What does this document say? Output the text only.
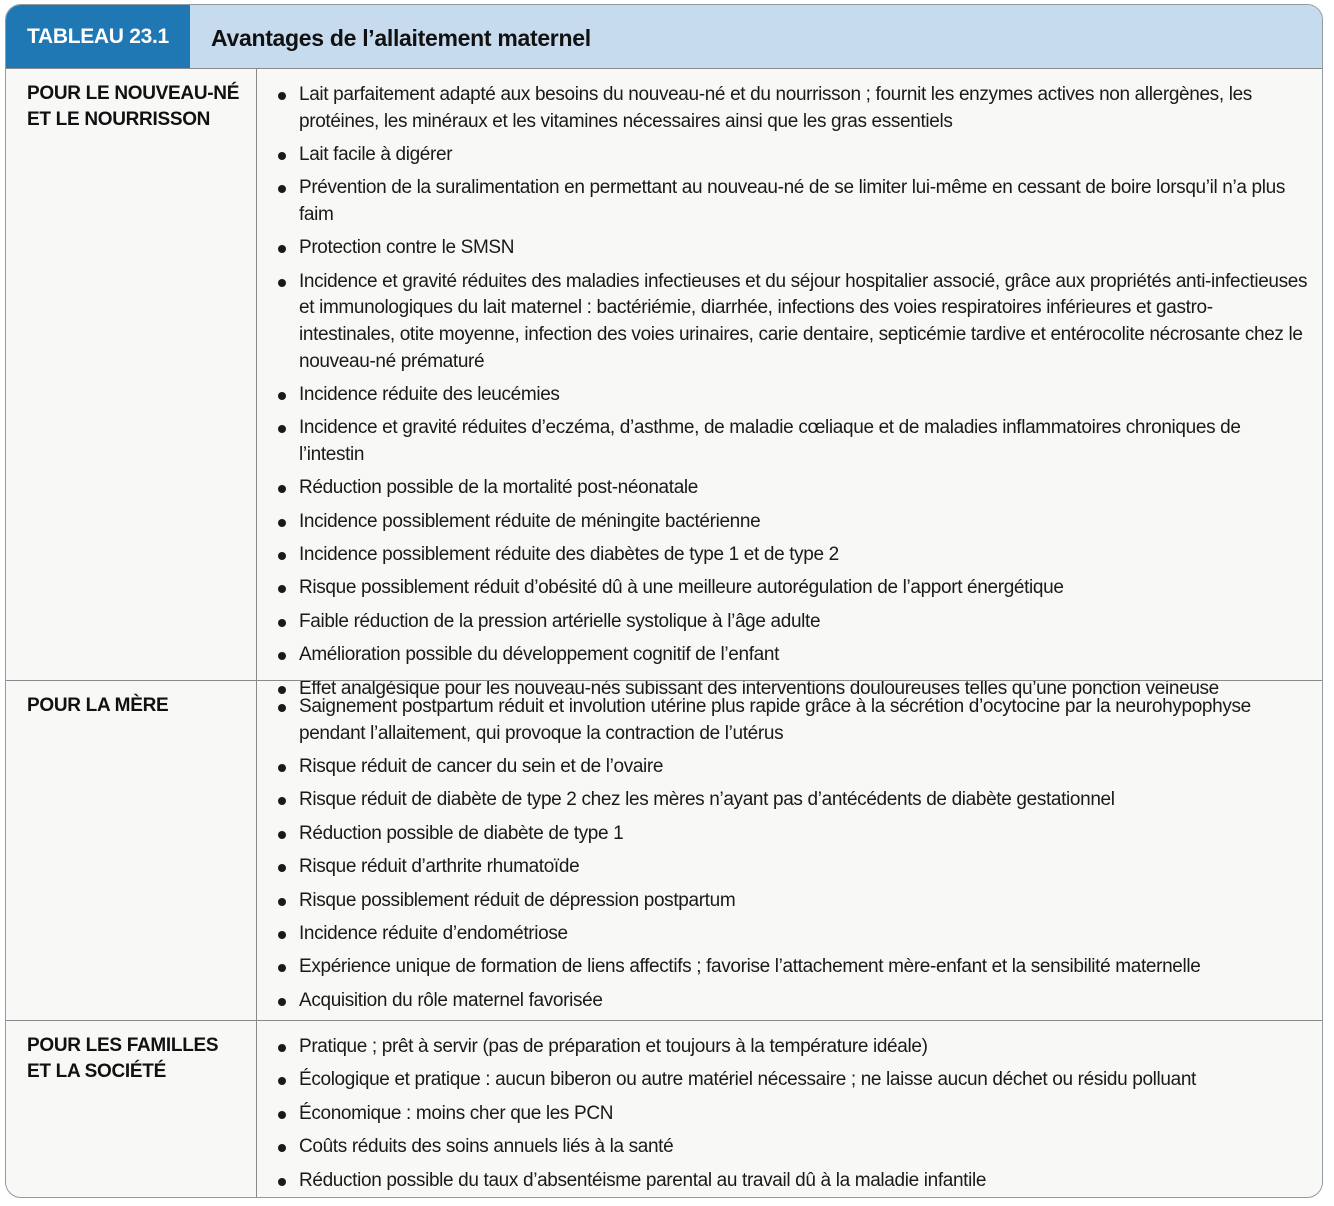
TABLEAU 23.1	Avantages de l’allaitement maternel
POUR LE NOUVEAU-NÉ
ET LE NOURRISSON
Lait parfaitement adapté aux besoins du nouveau-né et du nourrisson ; fournit les enzymes actives non allergènes, les protéines, les minéraux et les vitamines nécessaires ainsi que les gras essentiels
Lait facile à digérer
Prévention de la suralimentation en permettant au nouveau-né de se limiter lui-même en cessant de boire lorsqu’il n’a plus faim
Protection contre le SMSN
Incidence et gravité réduites des maladies infectieuses et du séjour hospitalier associé, grâce aux propriétés anti-infectieuses et immunologiques du lait maternel : bactériémie, diarrhée, infections des voies respiratoires inférieures et gastro-intestinales, otite moyenne, infection des voies urinaires, carie dentaire, septicémie tardive et entérocolite nécrosante chez le nouveau-né prématuré
Incidence réduite des leucémies
Incidence et gravité réduites d’eczéma, d’asthme, de maladie cœliaque et de maladies inflammatoires chroniques de l’intestin
Réduction possible de la mortalité post-néonatale
Incidence possiblement réduite de méningite bactérienne
Incidence possiblement réduite des diabètes de type 1 et de type 2
Risque possiblement réduit d’obésité dû à une meilleure autorégulation de l’apport énergétique
Faible réduction de la pression artérielle systolique à l’âge adulte
Amélioration possible du développement cognitif de l’enfant
Effet analgésique pour les nouveau-nés subissant des interventions douloureuses telles qu’une ponction veineuse
POUR LA MÈRE	Saignement postpartum réduit et involution utérine plus rapide grâce à la sécrétion d’ocytocine par la neurohypophyse pendant l’allaitement, qui provoque la contraction de l’utérus
Risque réduit de cancer du sein et de l’ovaire
Risque réduit de diabète de type 2 chez les mères n’ayant pas d’antécédents de diabète gestationnel
Réduction possible de diabète de type 1
Risque réduit d’arthrite rhumatoïde
Risque possiblement réduit de dépression postpartum
Incidence réduite d’endométriose
Expérience unique de formation de liens affectifs ; favorise l’attachement mère-enfant et la sensibilité maternelle
Acquisition du rôle maternel favorisée
POUR LES FAMILLES
ET LA SOCIÉTÉ
Pratique ; prêt à servir (pas de préparation et toujours à la température idéale)
Écologique et pratique : aucun biberon ou autre matériel nécessaire ; ne laisse aucun déchet ou résidu polluant
Économique : moins cher que les PCN
Coûts réduits des soins annuels liés à la santé
Réduction possible du taux d’absentéisme parental au travail dû à la maladie infantile
